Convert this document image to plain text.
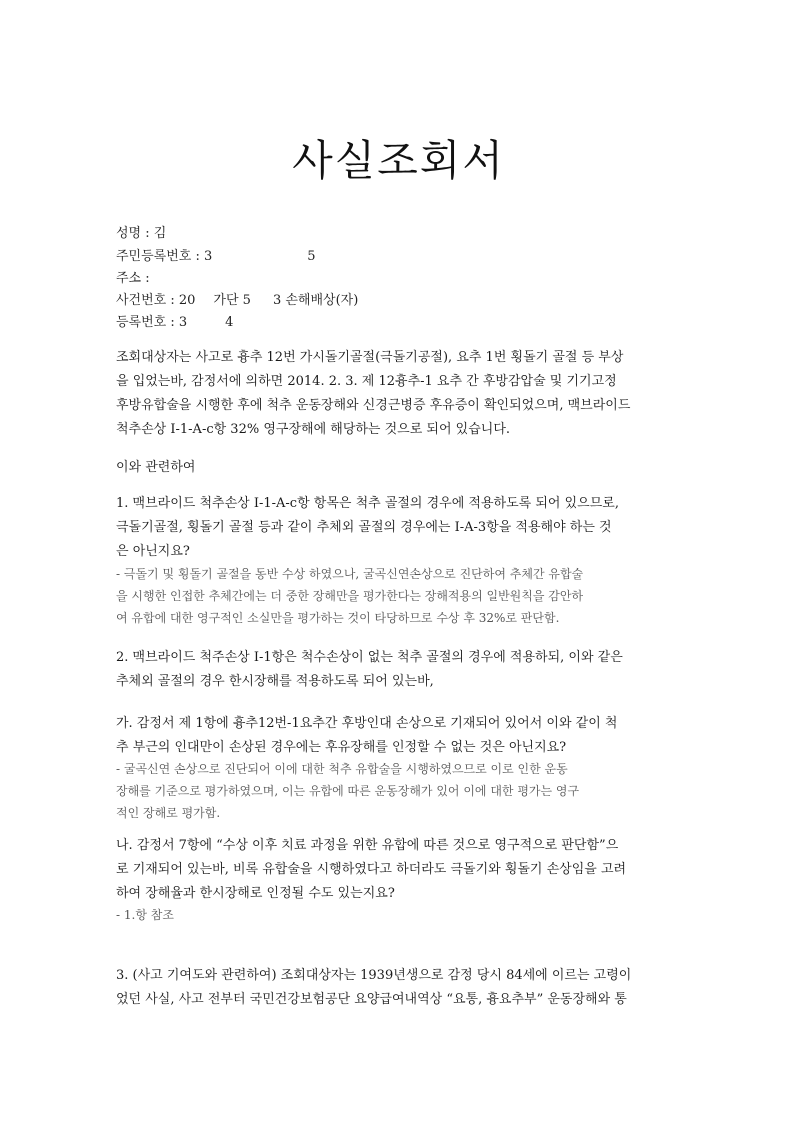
사실조회서
성명 : 김
주민등록번호 : 3	5
주소 :
사건번호 : 20 가단 5 3 손해배상(자)
등록번호 : 3	4
조회대상자는 사고로 흉추 12번 가시돌기골절(극돌기공절), 요추 1번 횡돌기 골절 등 부상
을 입었는바, 감정서에 의하면 2014. 2. 3. 제 12흉추-1 요추 간 후방감압술 및 기기고정
후방유합술을 시행한 후에 척추 운동장해와 신경근병증 후유증이 확인되었으며, 맥브라이드
척추손상 I-1-A-c항 32% 영구장해에 해당하는 것으로 되어 있습니다.
이와 관련하여
1. 맥브라이드 척추손상 I-1-A-c항 항목은 척추 골절의 경우에 적용하도록 되어 있으므로,
극돌기골절, 횡돌기 골절 등과 같이 추체외 골절의 경우에는 I-A-3항을 적용해야 하는 것
은 아닌지요?
- 극돌기 및 횡돌기 골절을 동반 수상 하였으나, 굴곡신연손상으로 진단하여 추체간 유합술
을 시행한 인접한 추체간에는 더 중한 장해만을 평가한다는 장해적용의 일반원칙을 감안하
여 유합에 대한 영구적인 소실만을 평가하는 것이 타당하므로 수상 후 32%로 판단함.
2. 맥브라이드 척주손상 I-1항은 척수손상이 없는 척추 골절의 경우에 적용하되, 이와 같은
추체외 골절의 경우 한시장해를 적용하도록 되어 있는바,
가. 감정서 제 1항에 흉추12번-1요추간 후방인대 손상으로 기재되어 있어서 이와 같이 척
추 부근의 인대만이 손상된 경우에는 후유장해를 인정할 수 없는 것은 아닌지요?
- 굴곡신연 손상으로 진단되어 이에 대한 척추 유합술을 시행하였으므로 이로 인한 운동
장해를 기준으로 평가하였으며, 이는 유합에 따른 운동장해가 있어 이에 대한 평가는 영구
적인 장해로 평가함.
나. 감정서 7항에 “수상 이후 치료 과정을 위한 유합에 따른 것으로 영구적으로 판단함”으
로 기재되어 있는바, 비록 유합술을 시행하였다고 하더라도 극돌기와 횡돌기 손상임을 고려
하여 장해율과 한시장해로 인정될 수도 있는지요?
- 1.항 참조
3. (사고 기여도와 관련하여) 조회대상자는 1939년생으로 감정 당시 84세에 이르는 고령이
었던 사실, 사고 전부터 국민건강보험공단 요양급여내역상 “요통, 흉요추부” 운동장해와 통
